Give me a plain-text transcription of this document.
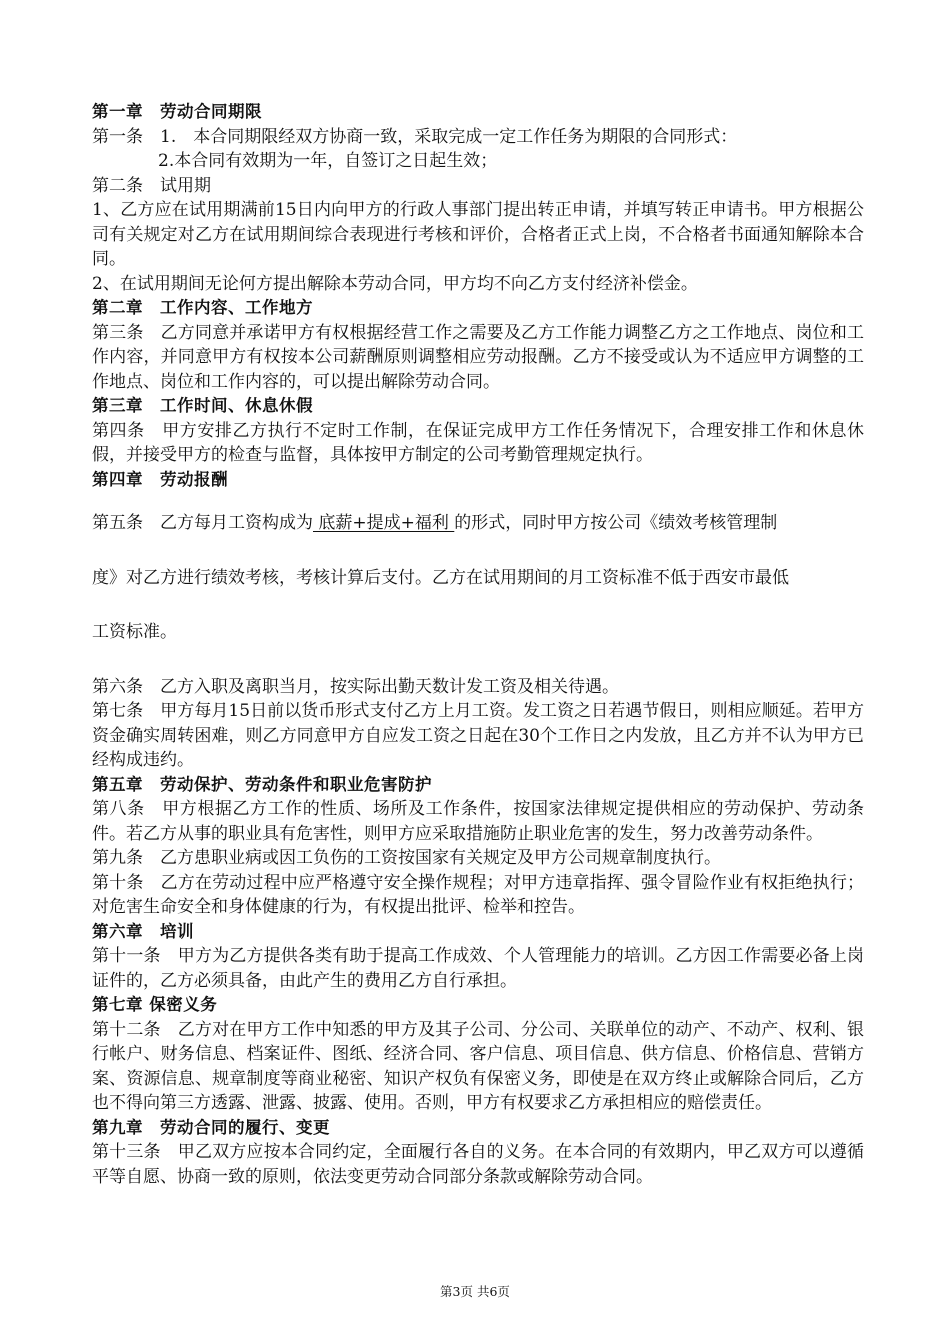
第一章　劳动合同期限

第一条　1.　本合同期限经双方协商一致，采取完成一定工作任务为期限的合同形式：

2.本合同有效期为一年，自签订之日起生效；

第二条　试用期

1、乙方应在试用期满前15日内向甲方的行政人事部门提出转正申请，并填写转正申请书。甲方根据公司有关规定对乙方在试用期间综合表现进行考核和评价，合格者正式上岗，不合格者书面通知解除本合同。

2、在试用期间无论何方提出解除本劳动合同，甲方均不向乙方支付经济补偿金。

第二章　工作内容、工作地方

第三条　乙方同意并承诺甲方有权根据经营工作之需要及乙方工作能力调整乙方之工作地点、岗位和工作内容，并同意甲方有权按本公司薪酬原则调整相应劳动报酬。乙方不接受或认为不适应甲方调整的工作地点、岗位和工作内容的，可以提出解除劳动合同。

第三章　工作时间、休息休假

第四条　甲方安排乙方执行不定时工作制，在保证完成甲方工作任务情况下，合理安排工作和休息休假，并接受甲方的检查与监督，具体按甲方制定的公司考勤管理规定执行。

第四章　劳动报酬

第五条　乙方每月工资构成为 底薪+提成+福利 的形式，同时甲方按公司《绩效考核管理制

度》对乙方进行绩效考核，考核计算后支付。乙方在试用期间的月工资标准不低于西安市最低

工资标准。

第六条　乙方入职及离职当月，按实际出勤天数计发工资及相关待遇。

第七条　甲方每月15日前以货币形式支付乙方上月工资。发工资之日若遇节假日，则相应顺延。若甲方资金确实周转困难，则乙方同意甲方自应发工资之日起在30个工作日之内发放，且乙方并不认为甲方已经构成违约。

第五章　劳动保护、劳动条件和职业危害防护

第八条　甲方根据乙方工作的性质、场所及工作条件，按国家法律规定提供相应的劳动保护、劳动条件。若乙方从事的职业具有危害性，则甲方应采取措施防止职业危害的发生，努力改善劳动条件。

第九条　乙方患职业病或因工负伤的工资按国家有关规定及甲方公司规章制度执行。

第十条　乙方在劳动过程中应严格遵守安全操作规程；对甲方违章指挥、强令冒险作业有权拒绝执行；对危害生命安全和身体健康的行为，有权提出批评、检举和控告。

第六章　培训

第十一条　甲方为乙方提供各类有助于提高工作成效、个人管理能力的培训。乙方因工作需要必备上岗证件的，乙方必须具备，由此产生的费用乙方自行承担。

第七章 保密义务

第十二条　乙方对在甲方工作中知悉的甲方及其子公司、分公司、关联单位的动产、不动产、权利、银行帐户、财务信息、档案证件、图纸、经济合同、客户信息、项目信息、供方信息、价格信息、营销方案、资源信息、规章制度等商业秘密、知识产权负有保密义务，即使是在双方终止或解除合同后，乙方也不得向第三方透露、泄露、披露、使用。否则，甲方有权要求乙方承担相应的赔偿责任。

第九章　劳动合同的履行、变更

第十三条　甲乙双方应按本合同约定，全面履行各自的义务。在本合同的有效期内，甲乙双方可以遵循平等自愿、协商一致的原则，依法变更劳动合同部分条款或解除劳动合同。

第3页 共6页
